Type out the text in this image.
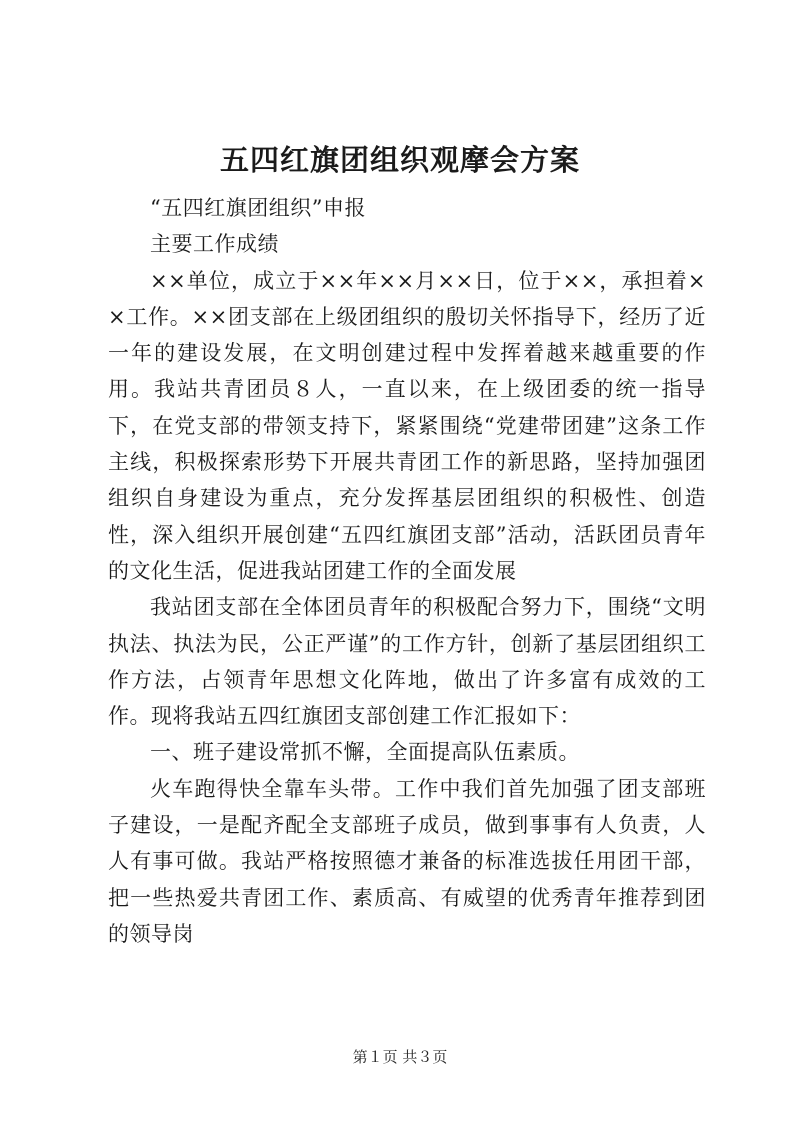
五四红旗团组织观摩会方案

“五四红旗团组织”申报

主要工作成绩

××单位，成立于××年××月××日，位于××，承担着××工作。××团支部在上级团组织的殷切关怀指导下，经历了近一年的建设发展，在文明创建过程中发挥着越来越重要的作用。我站共青团员８人，一直以来，在上级团委的统一指导下，在党支部的带领支持下，紧紧围绕“党建带团建”这条工作主线，积极探索形势下开展共青团工作的新思路，坚持加强团组织自身建设为重点，充分发挥基层团组织的积极性、创造性，深入组织开展创建“五四红旗团支部”活动，活跃团员青年的文化生活，促进我站团建工作的全面发展

我站团支部在全体团员青年的积极配合努力下，围绕“文明执法、执法为民，公正严谨”的工作方针，创新了基层团组织工作方法，占领青年思想文化阵地，做出了许多富有成效的工作。现将我站五四红旗团支部创建工作汇报如下：

一、班子建设常抓不懈，全面提高队伍素质。

火车跑得快全靠车头带。工作中我们首先加强了团支部班子建设，一是配齐配全支部班子成员，做到事事有人负责，人人有事可做。我站严格按照德才兼备的标准选拔任用团干部，把一些热爱共青团工作、素质高、有威望的优秀青年推荐到团的领导岗

第１页 共３页
